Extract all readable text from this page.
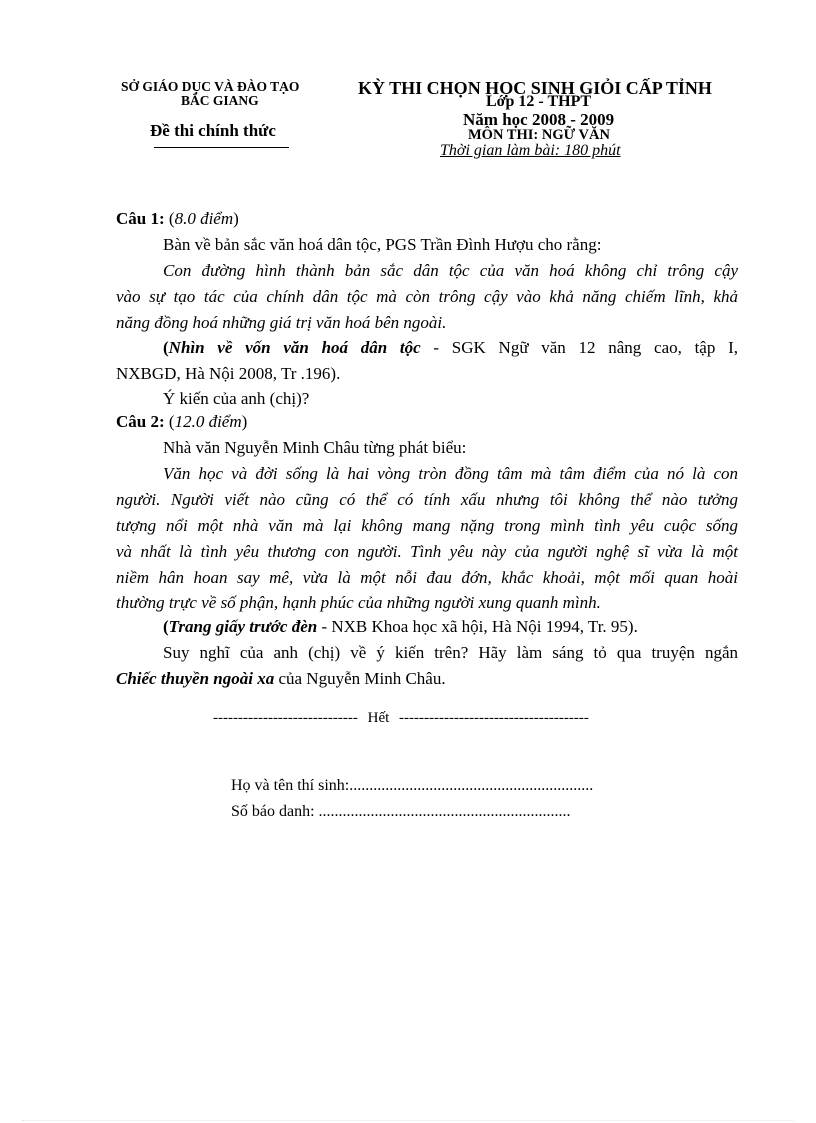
SỞ GIÁO DỤC VÀ ĐÀO TẠO
BẮC GIANG
Đề thi chính thức
KỲ THI CHỌN HỌC SINH GIỎI CẤP TỈNH
Lớp 12 - THPT
Năm học 2008 - 2009
MÔN THI: NGỮ VĂN
Thời gian làm bài: 180 phút
Câu 1: (8.0 điểm)
Bàn về bản sắc văn hoá dân tộc, PGS Trần Đình Hượu cho rằng:
Con đường hình thành bản sắc dân tộc của văn hoá không chỉ trông cậy
vào sự tạo tác của chính dân tộc mà còn trông cậy vào khả năng chiếm lĩnh, khả
năng đồng hoá những giá trị văn hoá bên ngoài.
(Nhìn về vốn văn hoá dân tộc - SGK Ngữ văn 12 nâng cao, tập I,
NXBGD, Hà Nội 2008, Tr .196).
Ý kiến của anh (chị)?
Câu 2: (12.0 điểm)
Nhà văn Nguyễn Minh Châu từng phát biểu:
Văn học và đời sống là hai vòng tròn đồng tâm mà tâm điểm của nó là con
người. Người viết nào cũng có thể có tính xấu nhưng tôi không thể nào tưởng
tượng nổi một nhà văn mà lại không mang nặng trong mình tình yêu cuộc sống
và nhất là tình yêu thương con người. Tình yêu này của người nghệ sĩ vừa là một
niềm hân hoan say mê, vừa là một nỗi đau đớn, khắc khoải, một mối quan hoài
thường trực về số phận, hạnh phúc của những người xung quanh mình.
(Trang giấy trước đèn - NXB Khoa học xã hội, Hà Nội 1994, Tr. 95).
Suy nghĩ của anh (chị) về ý kiến trên? Hãy làm sáng tỏ qua truyện ngắn
Chiếc thuyền ngoài xa của Nguyễn Minh Châu.
----------------------------- Hết --------------------------------------
Họ và tên thí sinh:.............................................................
Số báo danh: ...............................................................
